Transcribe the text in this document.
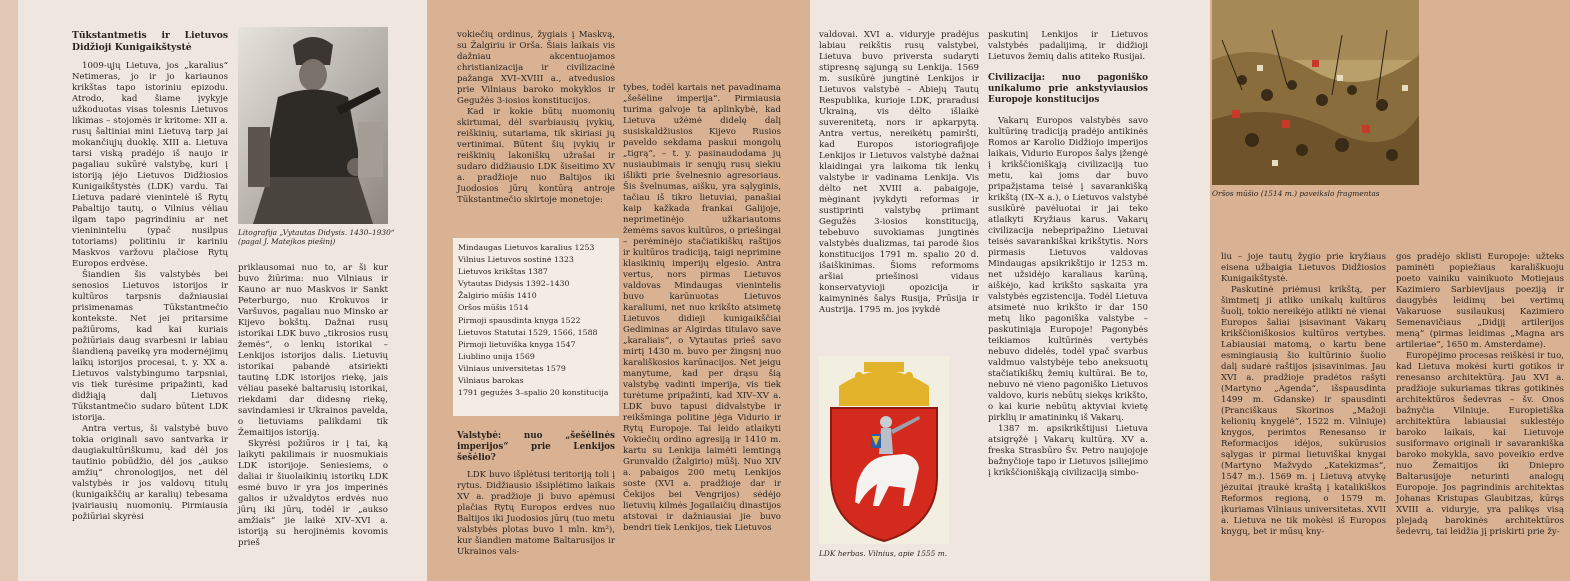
Tūkstantmetis ir Lietuvos Didžioji Kunigaikštystė

1009-ųjų Lietuva, jos „karalius“ Netimeras, jo ir jo kariaunos krikštas tapo istoriniu epizodu. Atrodo, kad šiame įvykyje užkoduotas visas tolesnis Lietuvos likimas – stojomės ir kritome: XII a. rusų šaltiniai mini Lietuvą tarp jai mokančiųjų duoklę. XIII a. Lietuva tarsi viską pradėjo iš naujo ir pagaliau sukūrė valstybę, kuri į istoriją įėjo Lietuvos Didžiosios Kunigaikštystės (LDK) vardu. Tai Lietuva padarė vienintelė iš Rytų Pabaltijo tautų, o Vilnius vėliau ilgam tapo pagrindiniu ar net vienininteliu (ypač nusilpus totoriams) politiniu ir kariniu Maskvos varžovu plačiose Rytų Europos erdvėse.

Šiandien šis valstybės bei senosios Lietuvos istorijos ir kultūros tarpsnis dažniausiai prisimenamas Tūkstantmečio kontekste. Net jei pritarsime pažiūroms, kad kai kuriais požiūriais daug svarbesni ir labiau šiandieną paveikę yra modernėjimų laikų istorijos procesai, t. y. XX a. Lietuvos valstybingumo tarpsniai, vis tiek turėsime pripažinti, kad didžiąją dalį Lietuvos Tūkstantmečio sudaro būtent LDK istorija.

Antra vertus, ši valstybė buvo tokia originali savo santvarka ir daugiakultūriškumu, kad dėl jos tautinio pobūdžio, dėl jos „aukso amžių“ chronologijos, net dėl valstybės ir jos valdovų titulų (kunigaikščių ar karalių) tebesama įvairiausių nuomonių. Pirmiausia požiūriai skyrėsi

Litografija „Vytautas Didysis. 1430–1930“ (pagal J. Matejkos piešinį)

priklausomai nuo to, ar ši kur buvo žiūrima: nuo Vilniaus ir Kauno ar nuo Maskvos ir Sankt Peterburgo, nuo Krokuvos ir Varšuvos, pagaliau nuo Minsko ar Kijevo bokštų. Dažnai rusų istorikai LDK buvo „tikrosios rusų žemės“, o lenkų istorikai – Lenkijos istorijos dalis. Lietuvių istorikai pabandė atsiriekti tautinę LDK istorijos riekę, jais vėliau pasekė baltarusių istorikai, riekdami dar didesnę riekę, savindamiesi ir Ukrainos pavelda, o lietuviams palikdami tik Žemaitijos istoriją.

Skyrėsi požiūros ir į tai, ką laikyti pakilimais ir nuosmukiais LDK istorijoje. Seniesiems, o daliai ir šiuolaikinių istorikų LDK esmė buvo ir yra jos imperinės galios ir užvaldytos erdvės nuo jūrų iki jūrų, todėl ir „aukso amžiais“ jie laikė XIV–XVI a. istoriją su herojinėmis kovomis prieš

vokiečių ordinus, žygiais į Maskvą, su Žalgiriu ir Orša. Šiais laikais vis dažniau akcentuojamos christianizacija ir civilizacinė pažanga XVI–XVIII a., atvedusios prie Vilniaus baroko mokyklos ir Gegužės 3-iosios konstitucijos.

Kad ir kokie būtų nuomonių skirtumai, dėl svarbiausių įvykių, reiškinių, sutariama, tik skiriasi jų vertinimai. Būtent šių įvykių ir reiškinių lakoniškų užrašai ir sudaro didžiausio LDK šiseitimo XV a. pradžioje nuo Baltijos iki Juodosios jūrų kontūrą antroje Tūkstantmečio skirtoje monetoje:

Mindaugas Lietuvos karalius 1253
Vilnius Lietuvos sostinė 1323
Lietuvos krikštas 1387
Vytautas Didysis 1392–1430
Žalgirio mūšis 1410
Oršos mūšis 1514
Pirmoji spausdinta knyga 1522
Lietuvos Statutai 1529, 1566, 1588
Pirmoji lietuviška knyga 1547
Liublino unija 1569
Vilniaus universitetas 1579
Vilniaus barokas
1791 gegužės 3–spalio 20 konstitucija
Valstybė: nuo „šešėlinės imperijos“ prie Lenkijos šešėlio?

LDK buvo išplėtusi teritoriją toli į rytus. Didžiausio išsiplėtimo laikais XV a. pradžioje ji buvo apėmusi plačias Rytų Europos erdves nuo Baltijos iki Juodosios jūrų (tuo metu valstybės plotas buvo 1 mln. km²), kur šiandien matome Baltarusijos ir Ukrainos vals-

tybes, todėl kartais net pavadinama „šešėline imperija“. Pirmiausia turima galvoje ta aplinkybė, kad Lietuva užėmė didelę dalį susiskaldžiusios Kijevo Rusios paveldo sekdama paskui mongolų „tigrą“, – t. y. pasinaudodama jų nusiaubimais ir senųjų rusų siekiu išlikti prie švelnesnio agresoriaus. Šis švelnumas, aišku, yra sąlyginis, tačiau iš tikro lietuviai, panašiai kaip kažkada frankai Galijoje, neprimetinėjo užkariautoms žemėms savos kultūros, o priešingai – perėminėjo stačiatikiškų raštijos ir kultūros tradiciją, taigi neprimine klasikinių imperijų elgesio. Antra vertus, nors pirmas Lietuvos valdovas Mindaugas vienintelis buvo karūnuotas Lietuvos karaliumi, net nuo krikšto atsimetę Lietuvos didieji kunigaikščiai Gediminas ar Algirdas titulavo save „karaliais“, o Vytautas prieš savo mirtį 1430 m. buvo per žingsnį nuo karališkosios karūnacijos. Net jeigu manytume, kad per drąsu šią valstybę vadinti imperija, vis tiek turėtume pripažinti, kad XIV–XV a. LDK buvo tapusi didvalstybe ir reikšminga politine jėga Vidurio ir Rytų Europoje. Tai leido atlaikyti Vokiečių ordino agresiją ir 1410 m. kartu su Lenkija laimėti lemtingą Grunvaldo (Žalgirio) mūšį. Nuo XIV a. pabaigos 200 metų Lenkijos soste (XVI a. pradžioje dar ir Čekijos bei Vengrijos) sėdėjo lietuvių kilmės Jogailaičių dinastijos atstovai ir dažniausiai jie buvo bendri tiek Lenkijos, tiek Lietuvos

valdovai. XVI a. viduryje pradėjus labiau reikštis rusų valstybei, Lietuva buvo priversta sudaryti stipresnę sąjungą su Lenkija. 1569 m. susikūrė jungtinė Lenkijos ir Lietuvos valstybė – Abiejų Tautų Respublika, kurioje LDK, praradusi Ukrainą, vis dėlto išlaikė suverenitetą, nors ir apkarpytą. Antra vertus, nereikėtų pamiršti, kad Europos istoriografijoje Lenkijos ir Lietuvos valstybė dažnai klaidingai yra laikoma tik lenkų valstybe ir vadinama Lenkija. Vis dėlto net XVIII a. pabaigoje, mėginant įvykdyti reformas ir sustiprinti valstybę priimant Gegužės 3-iosios konstituciją, tebebuvo suvokiamas jungtinės valstybės dualizmas, tai parodė šios konstitucijos 1791 m. spalio 20 d. išaiškinimas. Šioms reformoms aršiai priešinosi vidaus konservatyvioji opozicija ir kaimyninės šalys Rusija, Prūsija ir Austrija. 1795 m. jos įvykdė

LDK herbas. Vilnius, apie 1555 m.

paskutinį Lenkijos ir Lietuvos valstybės padalijimą, ir didžioji Lietuvos žemių dalis atiteko Rusijai.

Civilizacija: nuo pagoniško unikalumo prie ankstyviausios Europoje konstitucijos

Vakarų Europos valstybės savo kultūrinę tradiciją pradėjo antikinės Romos ar Karolio Didžiojo imperijos laikais, Vidurio Europos šalys įžengė į krikščioniškąją civilizaciją tuo metu, kai joms dar buvo pripažįstama teisė į savarankišką krikštą (IX–X a.), o Lietuvos valstybė susikūrė pavėluotai ir jai teko atlaikyti Kryžiaus karus. Vakarų civilizacija nebepripažino Lietuvai teisės savarankiškai krikštytis. Nors pirmasis Lietuvos valdovas Mindaugas apsikrikštijo ir 1253 m. net užsidėjo karaliaus karūną, aiškėjo, kad krikšto sąskaita yra valstybės egzistencija. Todėl Lietuva atsimetė nuo krikšto ir dar 150 metų liko pagoniška valstybe – paskutiniąja Europoje! Pagonybės teikiamos kultūrinės vertybės nebuvo didelės, todėl ypač svarbus valdmuo valstybėje tebo aneksuotų stačiatikiškų žemių kultūrai. Be to, nebuvo nė vieno pagoniško Lietuvos valdovo, kuris nebūtų siekęs krikšto, o kai kurie nebūtų aktyviai kvietę pirklių ir amatininkų iš Vakarų.

1387 m. apsikrikštijusi Lietuva atsigręžė į Vakarų kultūrą. XV a. freska Strasbūro Šv. Petro naujojoje bažnyčioje tapo ir Lietuvos įsiliejimo į krikščioniškąją civilizaciją simbo-

Oršos mūšio (1514 m.) paveikslo fragmentas

liu – joje tautų žygio prie kryžiaus eisena užbaigia Lietuvos Didžiosios Kunigaikštystė.

Paskutinė priėmusi krikštą, per šimtmetį ji atliko unikalų kultūros šuolį, tokio nereikėjo atlikti nė vienai Europos šaliai įsisavinant Vakarų krikščioniškosios kultūros vertybes. Labiausiai matomą, o kartu bene esmingiausią šio kultūrinio šuolio dalį sudarė raštijos įsisavinimas. Jau XVI a. pradžioje pradėtos rašyti (Martyno „Agenda“, išspausdinta 1499 m. Gdanske) ir spausdinti (Pranciškaus Skorinos „Mažoji kelionių knygelė“, 1522 m. Vilniuje) knygos, perimtos Renesanso ir Reformacijos idėjos, sukūrusios sąlygas ir pirmai lietuviškai knygai (Martyno Mažvydo „Katekizmas“, 1547 m.). 1569 m. į Lietuvą atvykę jėzuitai įtraukė kraštą į katalikiškos Reformos regioną, o 1579 m. įkuriamas Vilniaus universitetas. XVII a. Lietuva ne tik mokėsi iš Europos knygų, bet ir mūsų kny-

gos pradėjo sklisti Europoje: užteks paminėti popiežiaus karališkuoju poeto vainiku vainikuoto Motiejaus Kazimiero Sarbievijaus poeziją ir daugybės leidimų bei vertimų Vakaruose susilaukusį Kazimiero Semenavičiaus „Didįjį artilerijos meną“ (pirmas leidimas „Magna ars artileriae“, 1650 m. Amsterdame).

Europėjimo procesas reiškėsi ir tuo, kad Lietuva mokėsi kurti gotikos ir renesanso architektūrą. Jau XVI a. pradžioje sukuriamas tikras gotikinės architektūros šedevras – šv. Onos bažnyčia Vilniuje. Europietiška architektūra labiausiai suklestėjo baroko laikais, kai Lietuvoje susiformavo originali ir savarankiška baroko mokykla, savo poveikio erdve nuo Žemaitijos iki Dniepro Baltarusijoje neturinti analogų Europoje. Jos pagrindinis architektas Johanas Kristupas Glaubitzas, kūręs XVIII a. viduryje, yra palikęs visą plejadą barokinės architektūros šedevrų, tai leidžia jį priskirti prie žy-
